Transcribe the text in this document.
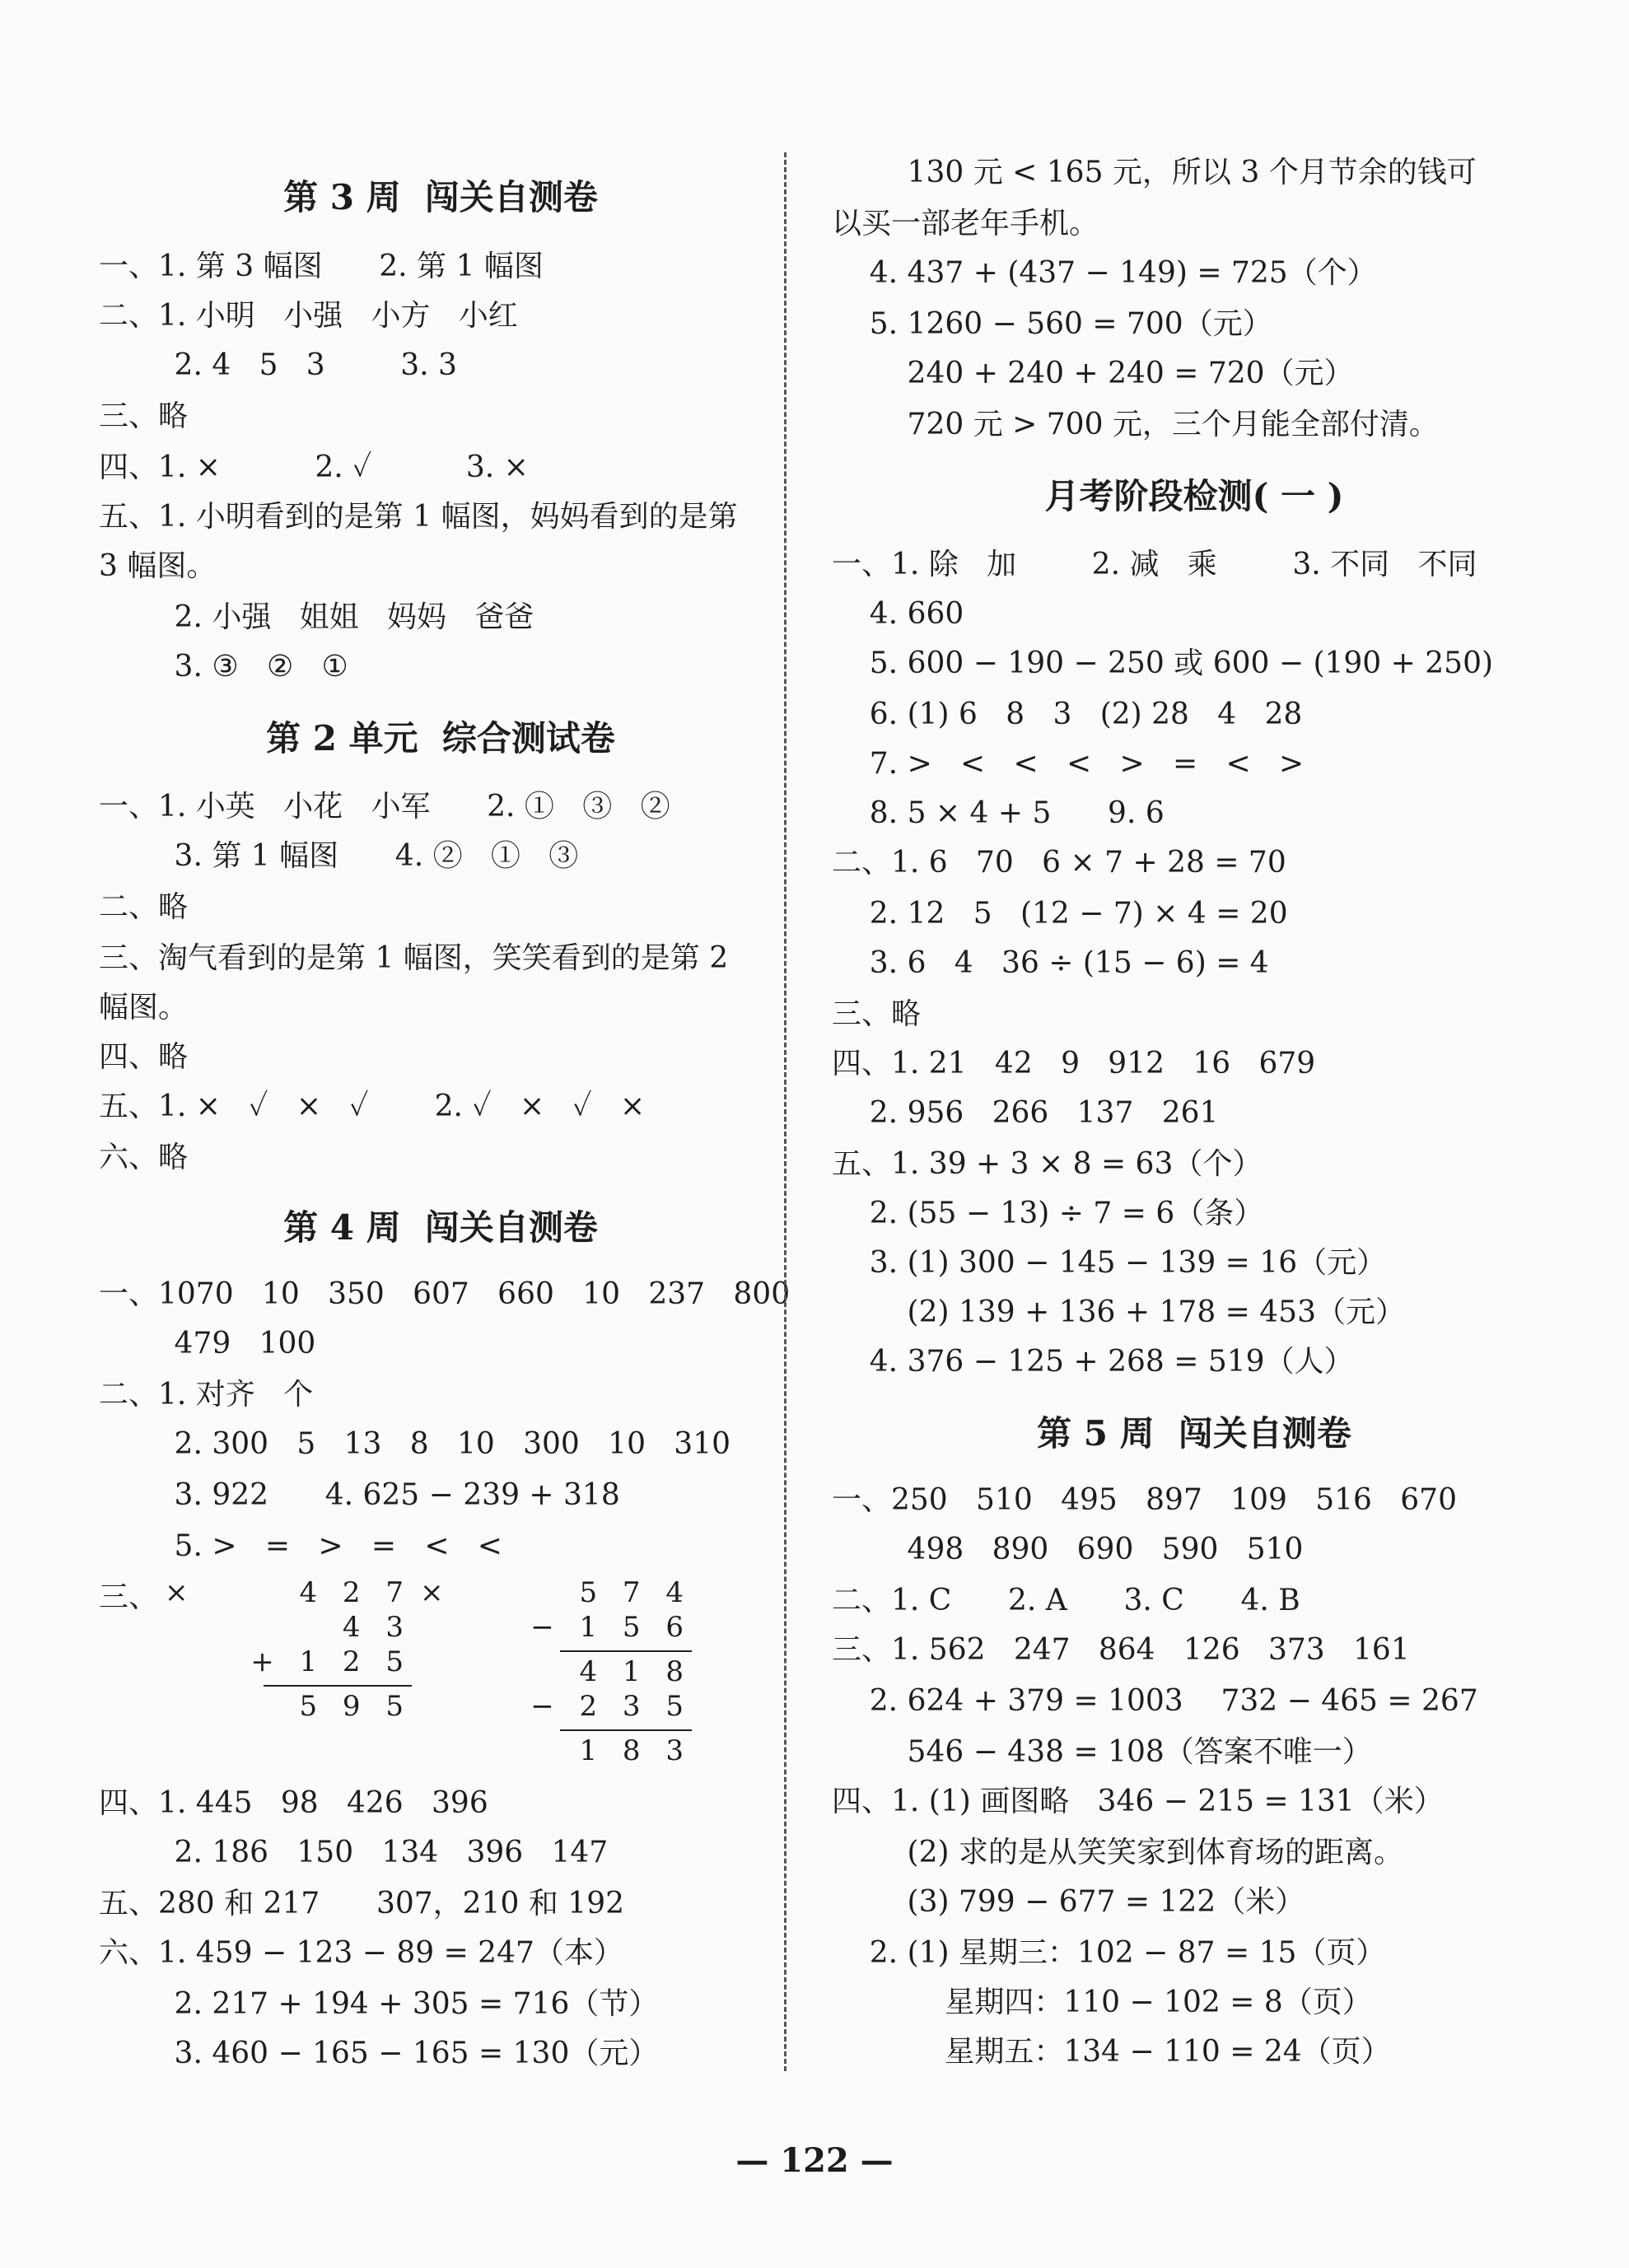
第 3 周  闯关自测卷
一、1. 第 3 幅图      2. 第 1 幅图
二、1. 小明   小强   小方   小红
2. 4   5   3        3. 3
三、略
四、1. ×          2. ✓          3. ×
五、1. 小明看到的是第 1 幅图，妈妈看到的是第
3 幅图。
2. 小强   姐姐   妈妈   爸爸
3. ③   ②   ①
第 2 单元  综合测试卷
一、1. 小英   小花   小军      2. ①   ③   ②
3. 第 1 幅图      4. ②   ①   ③
二、略
三、淘气看到的是第 1 幅图，笑笑看到的是第 2
幅图。
四、略
五、1. ×   ✓   ×   ✓       2. ✓   ×   ✓   ×
六、略
第 4 周  闯关自测卷
一、1070   10   350   607   660   10   237   800
479   100
二、1. 对齐   个
2. 300   5   13   8   10   300   10   310
3. 922      4. 625 − 239 + 318
5. >   =   >   =   <   <
三、 ×	4 2 7
4 3
+ 1 2 5
5 9 5
×	5 7 4
− 1 5 6
4 1 8
− 2 3 5
1 8 3
四、1. 445   98   426   396
2. 186   150   134   396   147
五、280 和 217      307，210 和 192
六、1. 459 − 123 − 89 = 247（本）
2. 217 + 194 + 305 = 716（节）
3. 460 − 165 − 165 = 130（元）
130 元 < 165 元，所以 3 个月节余的钱可
以买一部老年手机。
4. 437 + (437 − 149) = 725（个）
5. 1260 − 560 = 700（元）
240 + 240 + 240 = 720（元）
720 元 > 700 元，三个月能全部付清。
月考阶段检测( 一 )
一、1. 除   加        2. 减   乘        3. 不同   不同
4. 660
5. 600 − 190 − 250 或 600 − (190 + 250)
6. (1) 6   8   3   (2) 28   4   28
7. >   <   <   <   >   =   <   >
8. 5 × 4 + 5      9. 6
二、1. 6   70   6 × 7 + 28 = 70
2. 12   5   (12 − 7) × 4 = 20
3. 6   4   36 ÷ (15 − 6) = 4
三、略
四、1. 21   42   9   912   16   679
2. 956   266   137   261
五、1. 39 + 3 × 8 = 63（个）
2. (55 − 13) ÷ 7 = 6（条）
3. (1) 300 − 145 − 139 = 16（元）
(2) 139 + 136 + 178 = 453（元）
4. 376 − 125 + 268 = 519（人）
第 5 周  闯关自测卷
一、250   510   495   897   109   516   670
498   890   690   590   510
二、1. C      2. A      3. C      4. B
三、1. 562   247   864   126   373   161
2. 624 + 379 = 1003    732 − 465 = 267
546 − 438 = 108（答案不唯一）
四、1. (1) 画图略   346 − 215 = 131（米）
(2) 求的是从笑笑家到体育场的距离。
(3) 799 − 677 = 122（米）
2. (1) 星期三：102 − 87 = 15（页）
星期四：110 − 102 = 8（页）
星期五：134 − 110 = 24（页）
— 122 —
